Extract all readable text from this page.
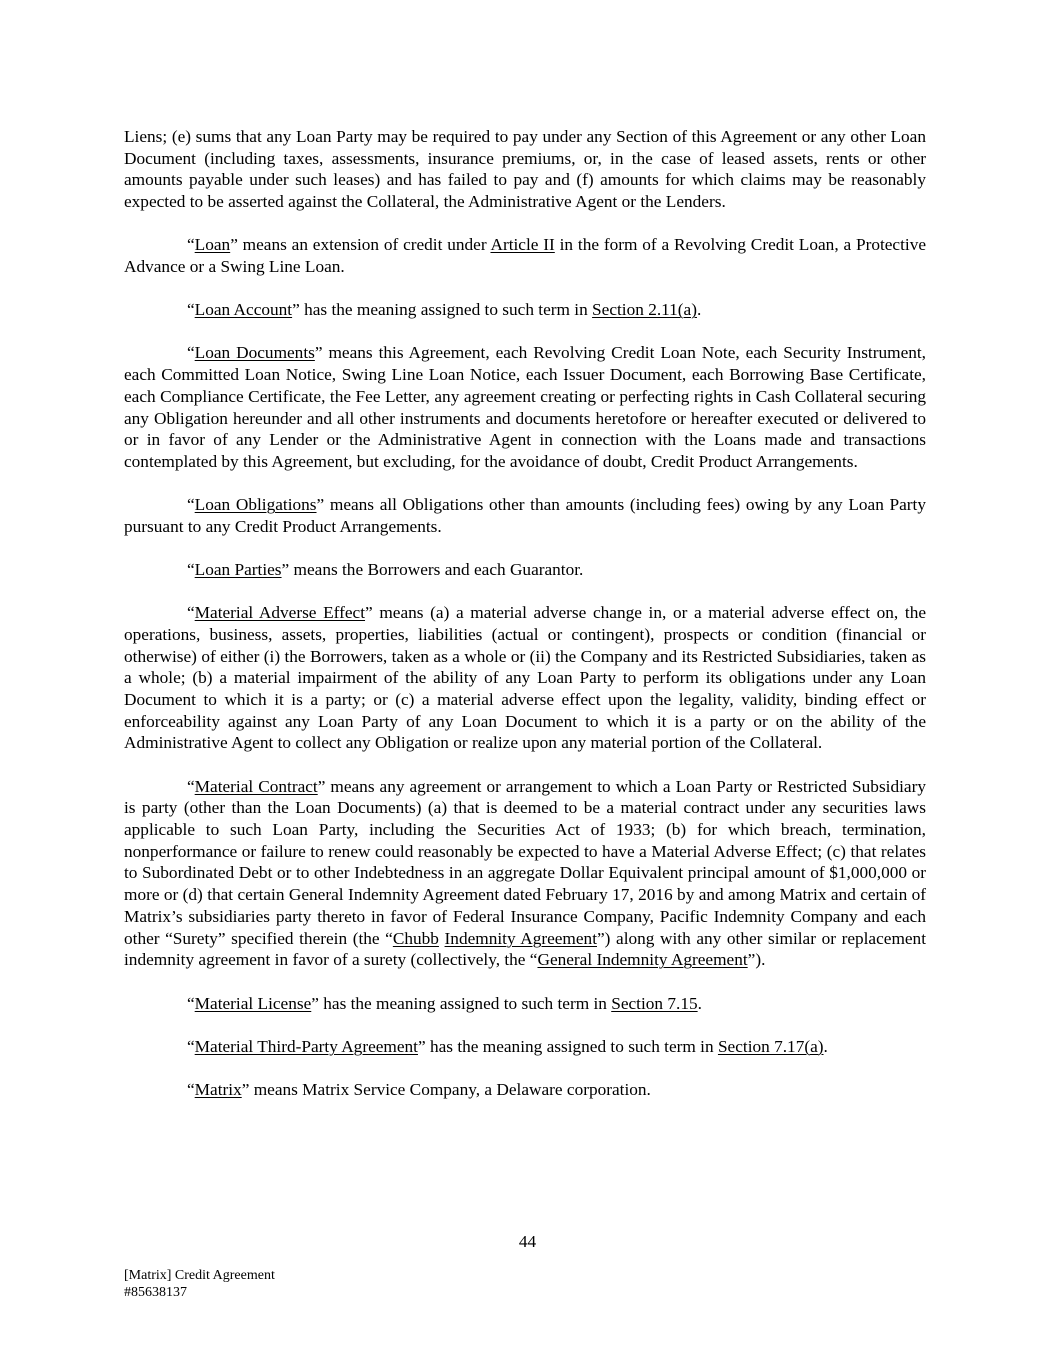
Liens; (e) sums that any Loan Party may be required to pay under any Section of this Agreement or any other Loan Document (including taxes, assessments, insurance premiums, or, in the case of leased assets, rents or other amounts payable under such leases) and has failed to pay and (f) amounts for which claims may be reasonably expected to be asserted against the Collateral, the Administrative Agent or the Lenders.

“Loan” means an extension of credit under Article II in the form of a Revolving Credit Loan, a Protective Advance or a Swing Line Loan.

“Loan Account” has the meaning assigned to such term in Section 2.11(a).

“Loan Documents” means this Agreement, each Revolving Credit Loan Note, each Security Instrument, each Committed Loan Notice, Swing Line Loan Notice, each Issuer Document, each Borrowing Base Certificate, each Compliance Certificate, the Fee Letter, any agreement creating or perfecting rights in Cash Collateral securing any Obligation hereunder and all other instruments and documents heretofore or hereafter executed or delivered to or in favor of any Lender or the Administrative Agent in connection with the Loans made and transactions contemplated by this Agreement, but excluding, for the avoidance of doubt, Credit Product Arrangements.

“Loan Obligations” means all Obligations other than amounts (including fees) owing by any Loan Party pursuant to any Credit Product Arrangements.

“Loan Parties” means the Borrowers and each Guarantor.

“Material Adverse Effect” means (a) a material adverse change in, or a material adverse effect on, the operations, business, assets, properties, liabilities (actual or contingent), prospects or condition (financial or otherwise) of either (i) the Borrowers, taken as a whole or (ii) the Company and its Restricted Subsidiaries, taken as a whole; (b) a material impairment of the ability of any Loan Party to perform its obligations under any Loan Document to which it is a party; or (c) a material adverse effect upon the legality, validity, binding effect or enforceability against any Loan Party of any Loan Document to which it is a party or on the ability of the Administrative Agent to collect any Obligation or realize upon any material portion of the Collateral.

“Material Contract” means any agreement or arrangement to which a Loan Party or Restricted Subsidiary is party (other than the Loan Documents) (a) that is deemed to be a material contract under any securities laws applicable to such Loan Party, including the Securities Act of 1933; (b) for which breach, termination, nonperformance or failure to renew could reasonably be expected to have a Material Adverse Effect; (c) that relates to Subordinated Debt or to other Indebtedness in an aggregate Dollar Equivalent principal amount of $1,000,000 or more or (d) that certain General Indemnity Agreement dated February 17, 2016 by and among Matrix and certain of Matrix’s subsidiaries party thereto in favor of Federal Insurance Company, Pacific Indemnity Company and each other “Surety” specified therein (the “Chubb Indemnity Agreement”) along with any other similar or replacement indemnity agreement in favor of a surety (collectively, the “General Indemnity Agreement”).

“Material License” has the meaning assigned to such term in Section 7.15.

“Material Third-Party Agreement” has the meaning assigned to such term in Section 7.17(a).

“Matrix” means Matrix Service Company, a Delaware corporation.

44
[Matrix] Credit Agreement
#85638137
